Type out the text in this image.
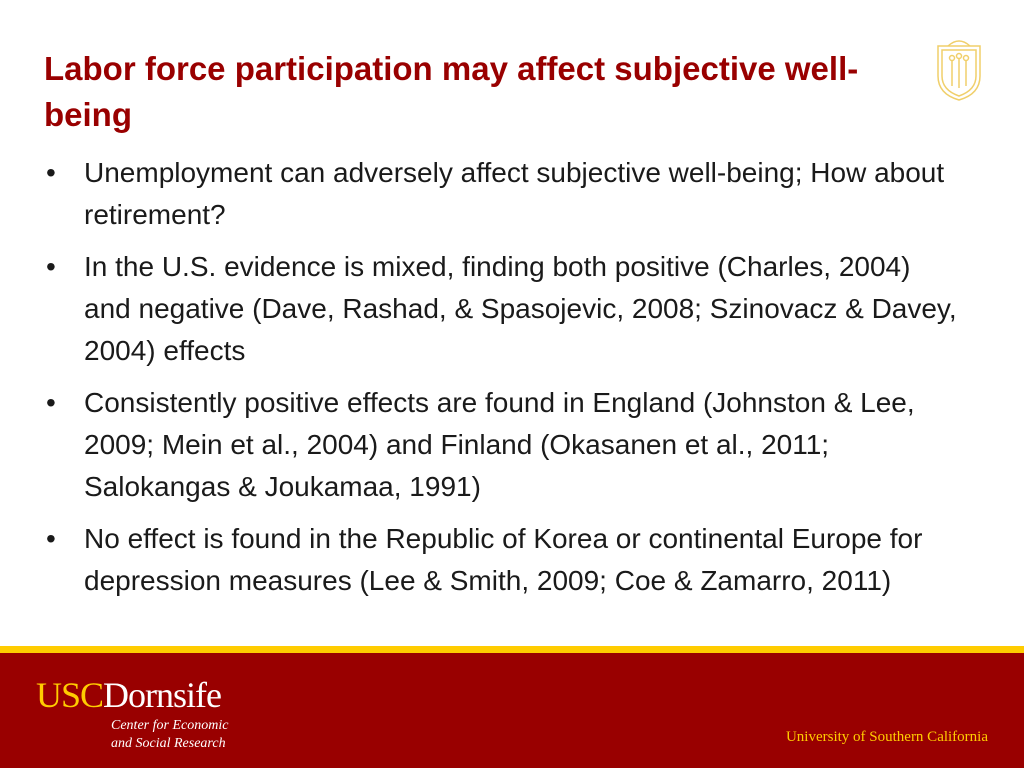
Labor force participation may affect subjective well-being
• Unemployment can adversely affect subjective well-being; How about retirement?
• In the U.S. evidence is mixed, finding both positive (Charles, 2004) and negative (Dave, Rashad, & Spasojevic, 2008; Szinovacz & Davey, 2004) effects
• Consistently positive effects are found in England (Johnston & Lee, 2009; Mein et al., 2004) and Finland (Okasanen et al., 2011; Salokangas & Joukamaa, 1991)
• No effect is found in the Republic of Korea or continental Europe for depression measures (Lee & Smith, 2009; Coe & Zamarro, 2011)
USCDornsife
Center for Economic
and Social Research	University of Southern California
